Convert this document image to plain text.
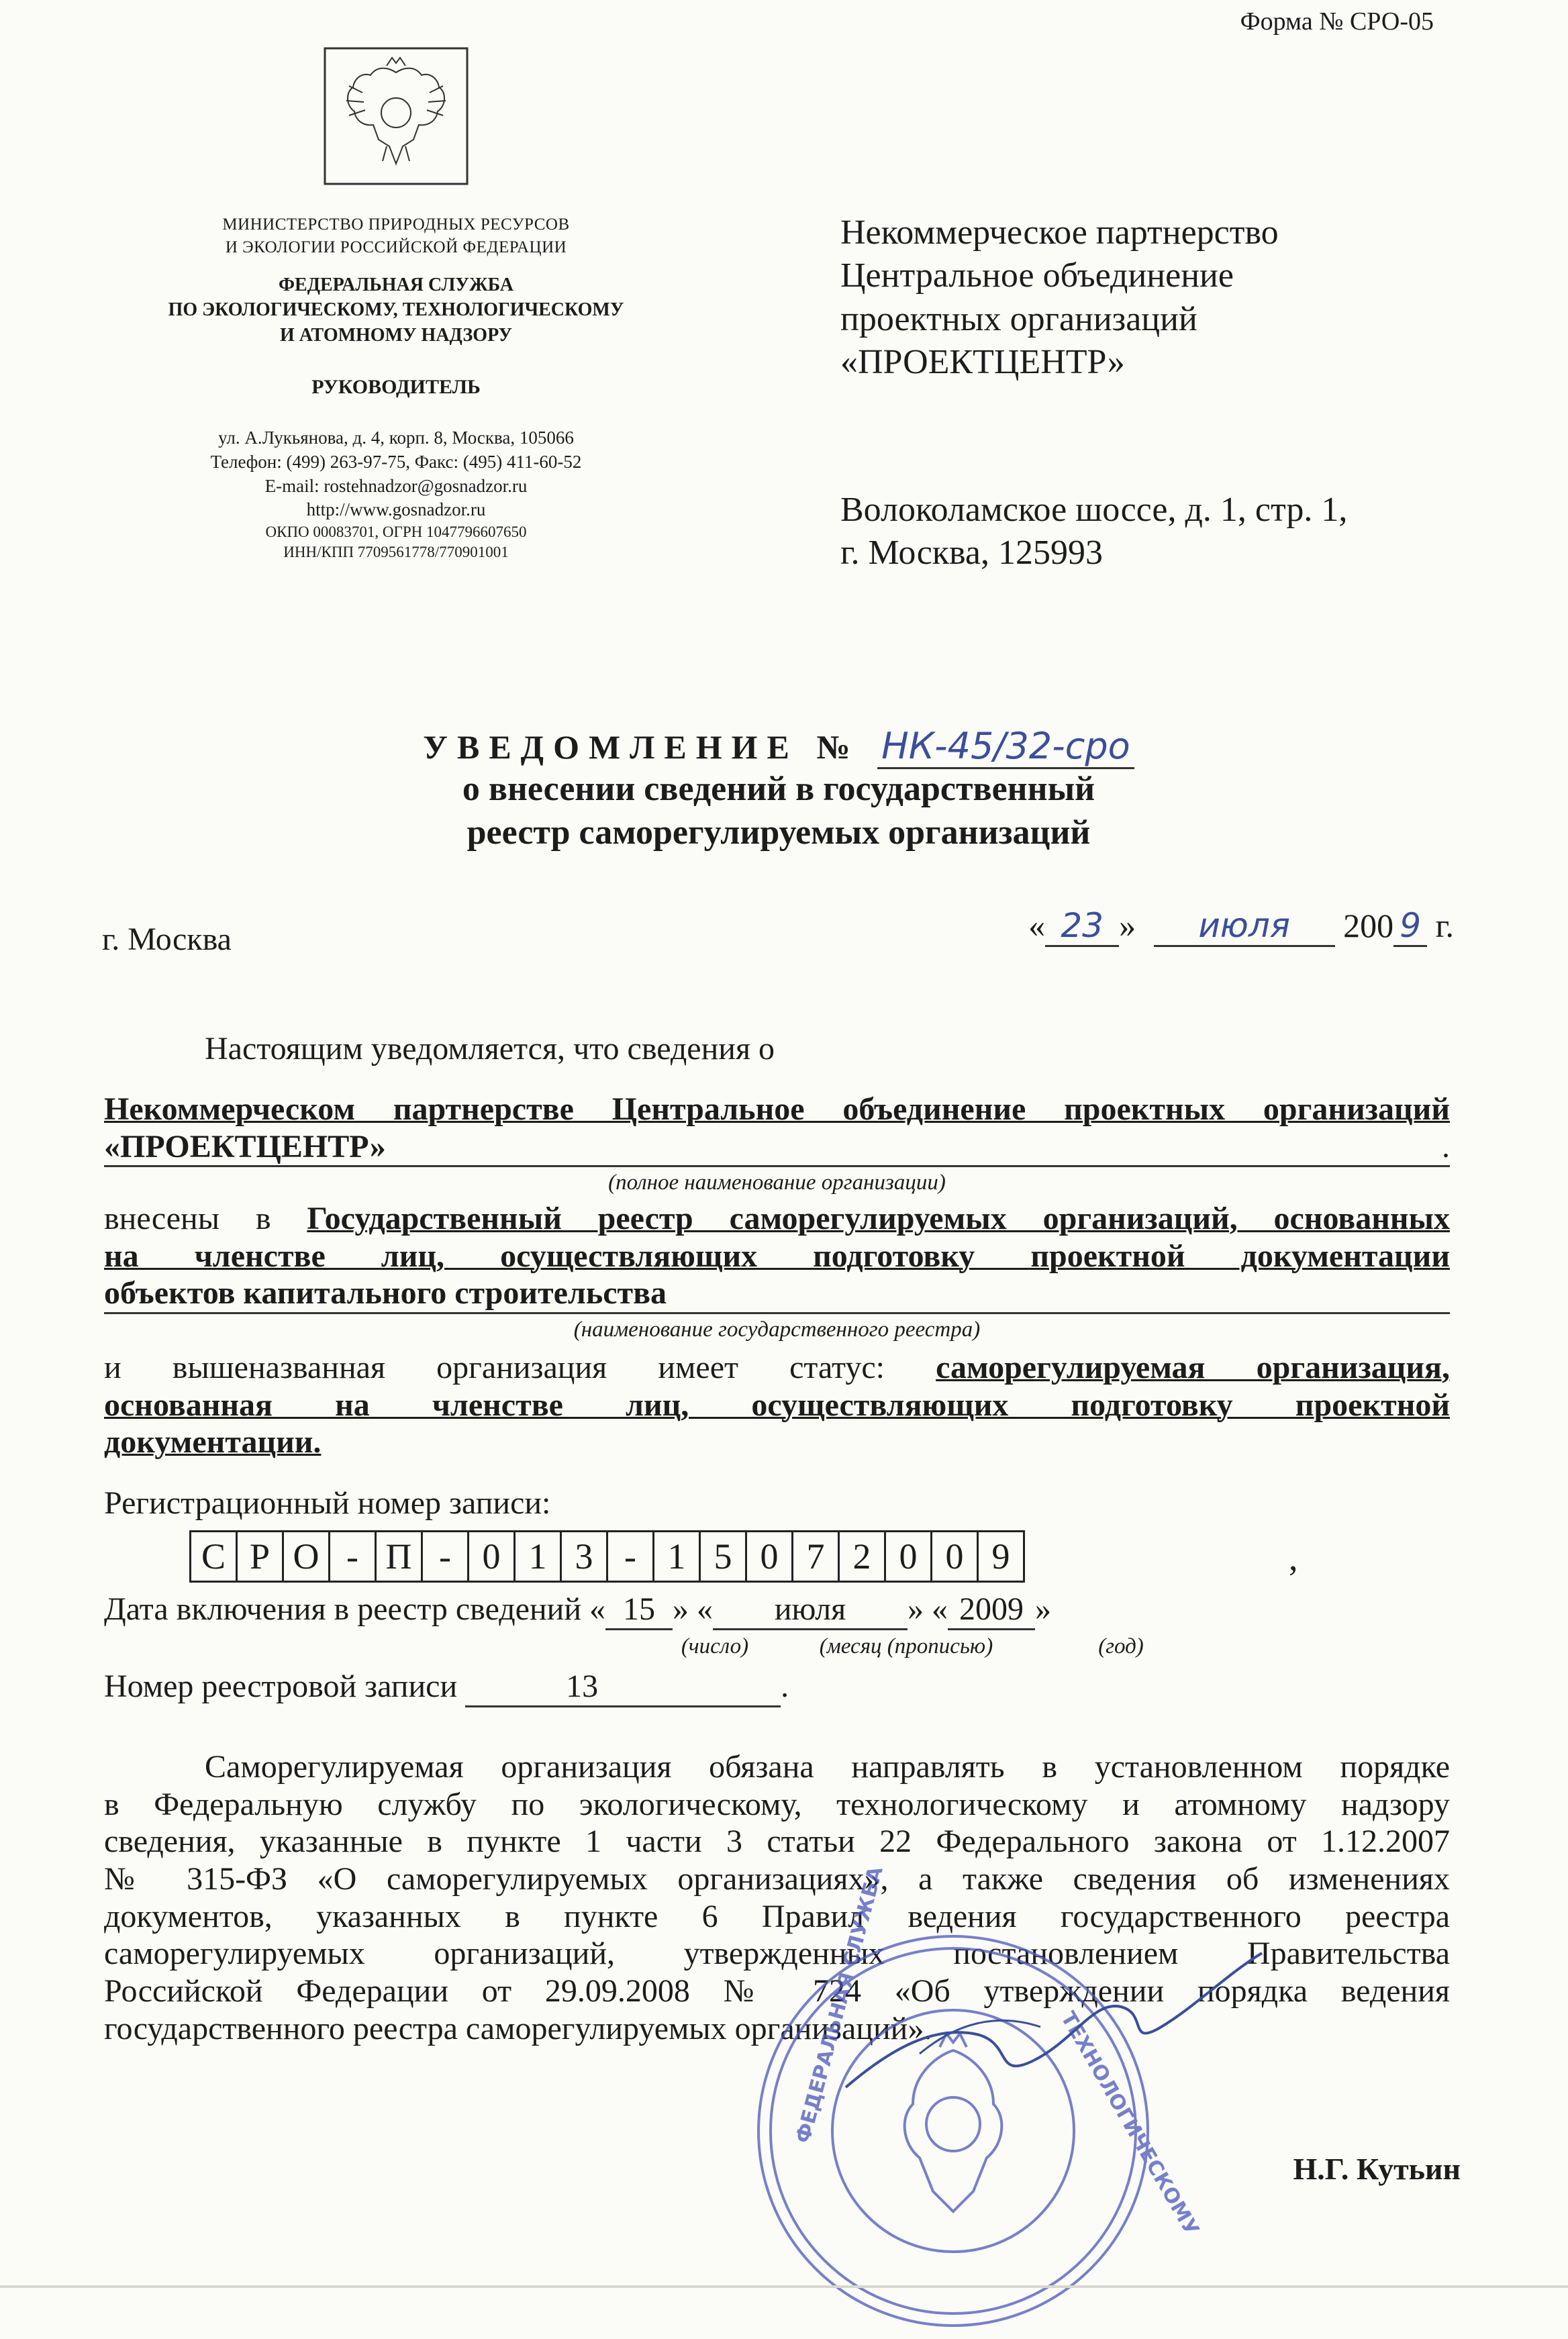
Форма № СРО-05
МИНИСТЕРСТВО ПРИРОДНЫХ РЕСУРСОВ
И ЭКОЛОГИИ РОССИЙСКОЙ ФЕДЕРАЦИИ
ФЕДЕРАЛЬНАЯ СЛУЖБА
ПО ЭКОЛОГИЧЕСКОМУ, ТЕХНОЛОГИЧЕСКОМУ
И АТОМНОМУ НАДЗОРУ
РУКОВОДИТЕЛЬ
ул. А.Лукьянова, д. 4, корп. 8, Москва, 105066
Телефон: (499) 263-97-75, Факс: (495) 411-60-52
E-mail: rostehnadzor@gosnadzor.ru
http://www.gosnadzor.ru
ОКПО 00083701, ОГРН 1047796607650
ИНН/КПП 7709561778/770901001
Некоммерческое партнерство
Центральное объединение
проектных организаций
«ПРОЕКТЦЕНТР»
Волоколамское шоссе, д. 1, стр. 1,
г. Москва, 125993
УВЕДОМЛЕНИЕ № НК-45/32-сро
о внесении сведений в государственный
реестр саморегулируемых организаций
г. Москва	« 23 » июля 200 9 г.
Настоящим уведомляется, что сведения о
Некоммерческом партнерстве Центральное объединение проектных организаций
«ПРОЕКТЦЕНТР»	.
(полное наименование организации)
внесены в Государственный реестр саморегулируемых организаций, основанных
на членстве лиц, осуществляющих подготовку проектной документации
объектов капитального строительства
(наименование государственного реестра)
и вышеназванная организация имеет статус: саморегулируемая организация,
основанная на членстве лиц, осуществляющих подготовку проектной
документации.
Регистрационный номер записи:
С Р О - П - 0 1 3 - 1 5 0 7 2 0 0 9	,
Дата включения в реестр сведений « 15 » « июля » « 2009 »
(число)	(месяц (прописью)	(год)
Номер реестровой записи	13	.
Саморегулируемая организация обязана направлять в установленном порядке
в Федеральную службу по экологическому, технологическому и атомному надзору
сведения, указанные в пункте 1 части 3 статьи 22 Федерального закона от 1.12.2007
№ 315-ФЗ «О саморегулируемых организациях», а также сведения об изменениях
документов, указанных в пункте 6 Правил ведения государственного реестра
саморегулируемых организаций, утвержденных постановлением Правительства
Российской Федерации от 29.09.2008 № 724 «Об утверждении порядка ведения
государственного реестра саморегулируемых организаций».
ФЕДЕРАЛЬНАЯ СЛУЖБА	ТЕХНОЛОГИЧЕСКОМУ	Н.Г. Кутьин
